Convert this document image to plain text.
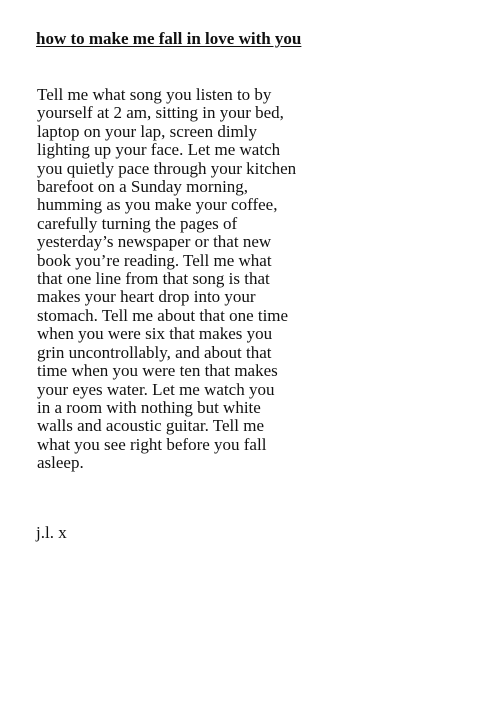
how to make me fall in love with you
Tell me what song you listen to by
yourself at 2 am, sitting in your bed,
laptop on your lap, screen dimly
lighting up your face. Let me watch
you quietly pace through your kitchen
barefoot on a Sunday morning,
humming as you make your coffee,
carefully turning the pages of
yesterday’s newspaper or that new
book you’re reading. Tell me what
that one line from that song is that
makes your heart drop into your
stomach. Tell me about that one time
when you were six that makes you
grin uncontrollably, and about that
time when you were ten that makes
your eyes water. Let me watch you
in a room with nothing but white
walls and acoustic guitar. Tell me
what you see right before you fall
asleep.

j.l. x
